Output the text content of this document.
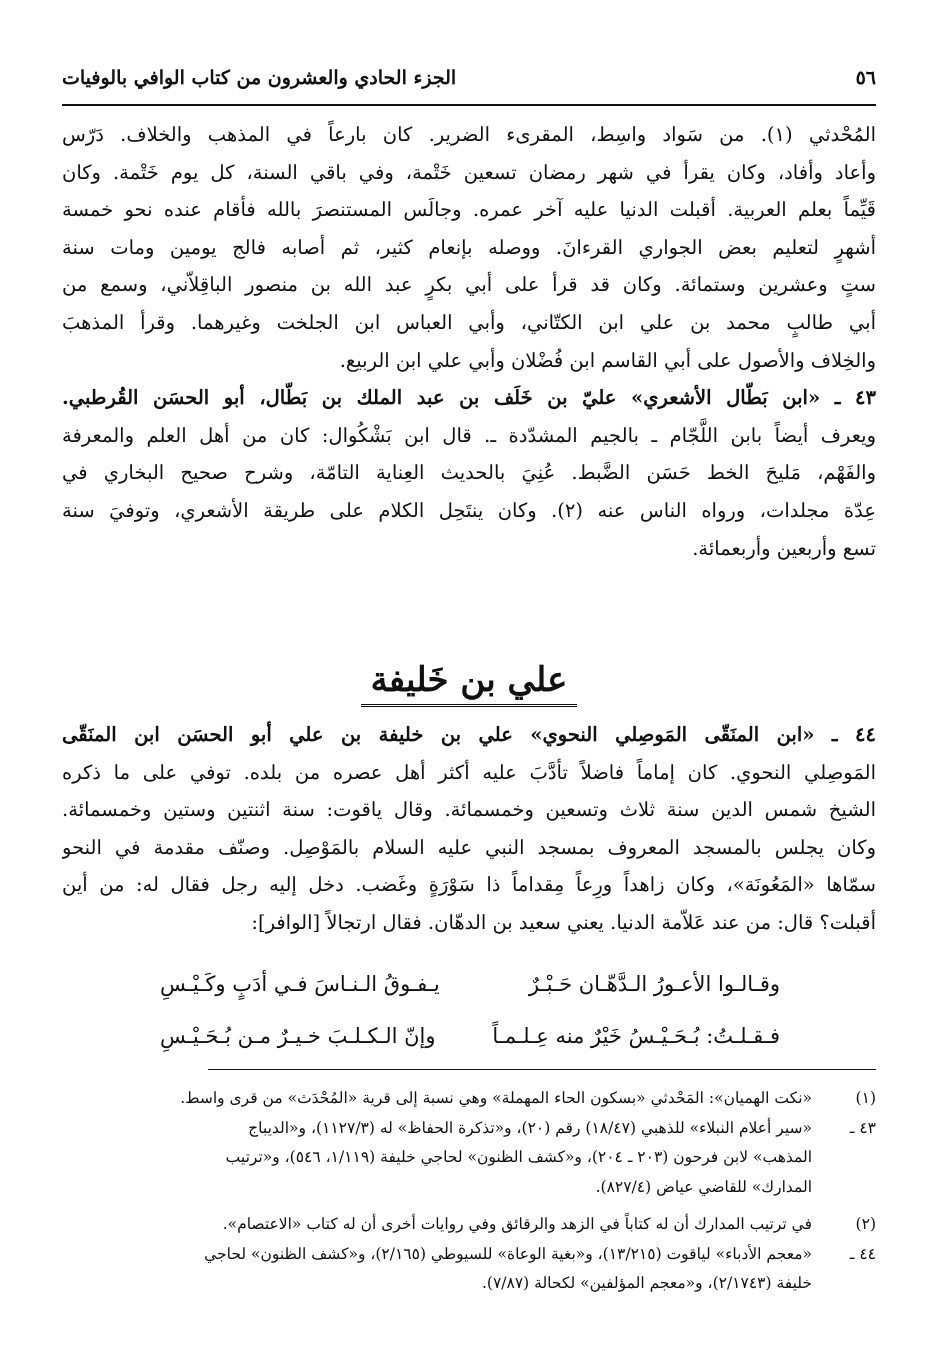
٥٦
الجزء الحادي والعشرون من كتاب الوافي بالوفيات
المُحْدثي (١). من سَواد واسِط، المقرىء الضرير. كان بارعاً في المذهب والخلاف. دَرّس
وأعاد وأفاد، وكان يقرأ في شهر رمضان تسعين خَتْمة، وفي باقي السنة، كل يوم خَتْمة. وكان
قَيِّماً بعلم العربية. أقبلت الدنيا عليه آخر عمره. وجالَس المستنصرَ بالله فأقام عنده نحو خمسة
أشهرٍ لتعليم بعض الجواري القرءانَ. ووصله بإنعام كثير، ثم أصابه فالج يومين ومات سنة
ستٍ وعشرين وستمائة. وكان قد قرأ على أبي بكرٍ عبد الله بن منصور الباقِلاّني، وسمع من
أبي طالبٍ محمد بن علي ابن الكتّاني، وأبي العباس ابن الجلخت وغيرهما. وقرأ المذهبَ
والخِلاف والأصول على أبي القاسم ابن فُضْلان وأبي علي ابن الربيع.
٤٣ ـ «ابن بَطّال الأشعري» عليّ بن خَلَف بن عبد الملك بن بَطّال، أبو الحسَن القُرطبي.
ويعرف أيضاً بابن اللَّجّام ـ بالجيم المشدّدة ـ. قال ابن بَشْكُوال: كان من أهل العلم والمعرفة
والفَهْم، مَليحَ الخط حَسَن الضَّبط. عُنِيَ بالحديث العِناية التامّة، وشرح صحيح البخاري في
عِدّة مجلدات، ورواه الناس عنه (٢). وكان ينتَحِل الكلام على طريقة الأشعري، وتوفيَ سنة
تسع وأربعين وأربعمائة.
علي بن خَليفة
٤٤ ـ «ابن المنَقّى المَوصِلي النحوي» علي بن خليفة بن علي أبو الحسَن ابن المنَقّى
المَوصِلي النحوي. كان إماماً فاضلاً تأدَّبَ عليه أكثر أهل عصره من بلده. توفي على ما ذكره
الشيخ شمس الدين سنة ثلاث وتسعين وخمسمائة. وقال ياقوت: سنة اثنتين وستين وخمسمائة.
وكان يجلس بالمسجد المعروف بمسجد النبي عليه السلام بالمَوْصِل. وصنّف مقدمة في النحو
سمّاها «المَعُونَة»، وكان زاهداً ورِعاً مِقداماً ذا سَوْرَةٍ وغَضب. دخل إليه رجل فقال له: من أين
أقبلت؟ قال: من عند عَلاّمة الدنيا. يعني سعيد بن الدهّان. فقال ارتجالاً [الوافر]:
وقـالـوا الأعـورُ الـدَّهّـان حَـبْـرٌ
يـفـوقُ الـنـاسَ فـي أدَبٍ وكَـيْـسِ
فـقـلـتُ: بُـحَـيْـسُ خَيْرٌ منه عِـلـمـاً
وإنّ الـكـلـبَ خـيـرٌ مـن بُـحَـيْـسِ
(١)
«نكت الهميان»: المَحْدثي «بسكون الحاء المهملة» وهي نسبة إلى قرية «المُحْدَث» من قرى واسط.
٤٣ ـ
«سير أعلام النبلاء» للذهبي (١٨/٤٧) رقم (٢٠)، و«تذكرة الحفاظ» له (١١٢٧/٣)، و«الديباج
المذهب» لابن فرحون (٢٠٣ ـ ٢٠٤)، و«كشف الظنون» لحاجي خليفة (١/١١٩، ٥٤٦)، و«ترتيب
المدارك» للقاضي عياض (٨٢٧/٤).
(٢)
في ترتيب المدارك أن له كتاباً في الزهد والرقائق وفي روايات أخرى أن له كتاب «الاعتصام».
٤٤ ـ
«معجم الأدباء» لياقوت (١٣/٢١٥)، و«بغية الوعاة» للسيوطي (٢/١٦٥)، و«كشف الظنون» لحاجي
خليفة (٢/١٧٤٣)، و«معجم المؤلفين» لكحالة (٧/٨٧).
